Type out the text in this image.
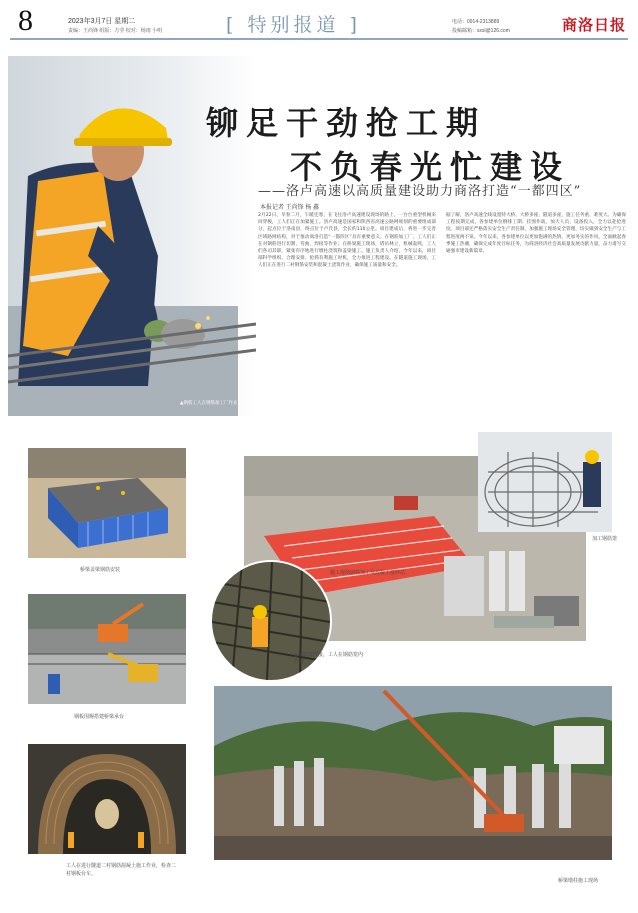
8	2023年3月7日 星期二
责编：王尚锋 组版：方莹 校对：杨雨 小明	[ 特别报道 ]	电话：0914-2313889
投稿邮箱：sxsl@126.com	商洛日报
▲钢筋工人在钢筋加工厂作业
铆足干劲抢工期
不负春光忙建设
——洛卢高速以高质量建设助力商洛打造“一都四区”
本报记者 王尚锋 杨 鑫
2月22日，早春二月，乍暖还寒，在飞往洛卢高速建设现场的路上，一台台重型机械来回穿梭，工人们正在加紧施工。洛卢高速是国家和陕西省高速公路网规划的重要组成部分，起点位于洛南县，终点位于卢氏县，全长约110公里。项目建成后，将进一步完善区域路网结构，对于推动商洛打造“一都四区”具有重要意义。在钢筋加工厂，工人们正在对钢筋进行切割、弯曲、焊接等作业；在桥梁施工现场，塔吊林立，机械轰鸣，工人们各司其职，紧张有序地进行墩柱浇筑和盖梁施工。施工负责人介绍，今年以来，项目部科学组织、合理安排，抢抓有利施工时机，全力推进工程建设。在隧道施工现场，工人们正在进行二衬钢筋安装和混凝土浇筑作业，确保施工质量和安全。
据了解，洛卢高速全线设置特大桥、大桥多座，隧道多座，施工任务重、难度大。为确保工程按期完成，各参建单位倒排工期、挂图作战，加大人员、设备投入，全力以赴抢进度。项目部还严格落实安全生产责任制，加强施工现场安全管理，切实做到安全生产与工程进度两不误。今年以来，各参建单位以更加饱满的热情、更加务实的作风，全面掀起春季施工热潮，确保完成年度目标任务，为商洛经济社会高质量发展贡献力量，奋力谱写交通强市建设新篇章。
桥梁盖梁钢筋安装
加工钢筋笼
施工现场钢筋加工及混凝土搅拌站
▲钢筋笼焊接，工人在钢筋笼内作业
钢板围堰搭建桥梁承台
工人在进行隧道二衬钢筋混凝土施工作业，检查二衬钢板台车。
桥梁墩柱施工现场
